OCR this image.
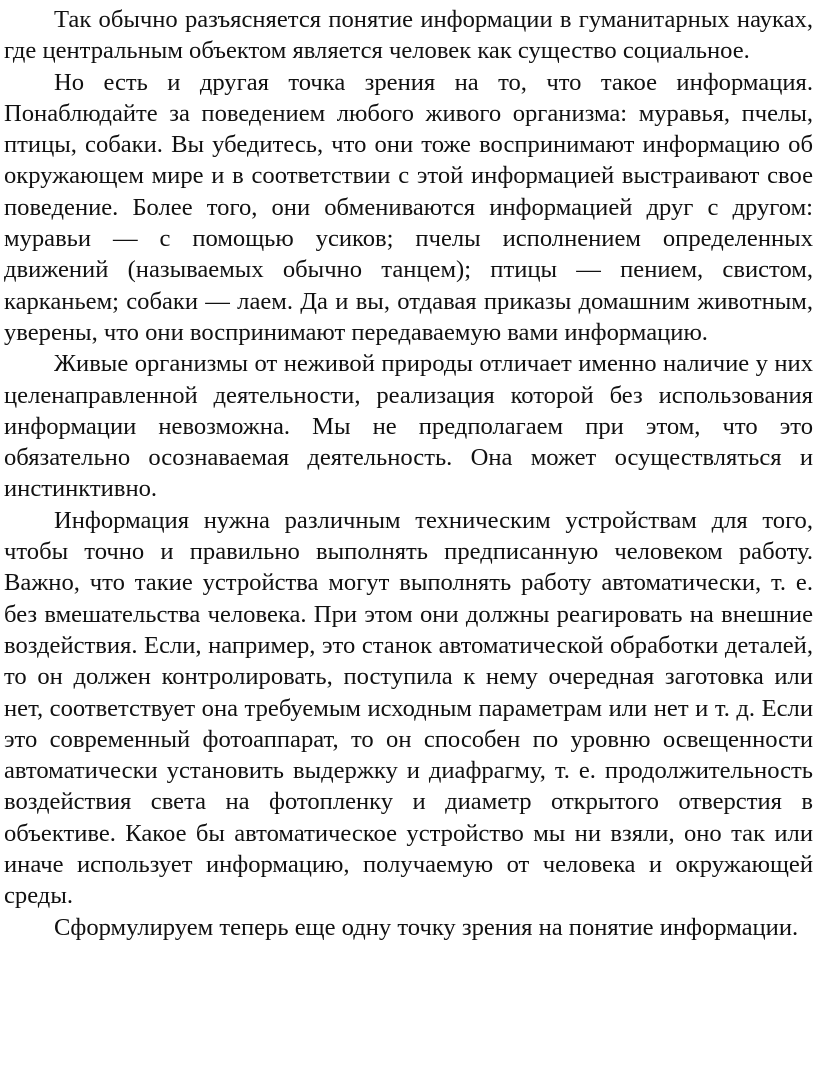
Так обычно разъясняется понятие информации в гуманитарных науках, где центральным объектом является человек как существо социальное.

Но есть и другая точка зрения на то, что такое информация. Понаблюдайте за поведением любого живого организма: муравья, пчелы, птицы, собаки. Вы убедитесь, что они тоже воспринимают информацию об окружающем мире и в соответствии с этой информацией выстраивают свое поведение. Более того, они обмениваются информацией друг с другом: муравьи — с помощью усиков; пчелы исполнением определенных движений (называемых обычно танцем); птицы — пением, свистом, карканьем; собаки — лаем. Да и вы, отдавая приказы домашним животным, уверены, что они воспринимают передаваемую вами информацию.

Живые организмы от неживой природы отличает именно наличие у них целенаправленной деятельности, реализация которой без использования информации невозможна. Мы не предполагаем при этом, что это обязательно осознаваемая деятельность. Она может осуществляться и инстинктивно.

Информация нужна различным техническим устройствам для того, чтобы точно и правильно выполнять предписанную человеком работу. Важно, что такие устройства могут выполнять работу автоматически, т. е. без вмешательства человека. При этом они должны реагировать на внешние воздействия. Если, например, это станок автоматической обработки деталей, то он должен контролировать, поступила к нему очередная заготовка или нет, соответствует она требуемым исходным параметрам или нет и т. д. Если это современный фотоаппарат, то он способен по уровню освещенности автоматически установить выдержку и диафрагму, т. е. продолжительность воздействия света на фотопленку и диаметр открытого отверстия в объективе. Какое бы автоматическое устройство мы ни взяли, оно так или иначе использует информацию, получаемую от человека и окружающей среды.

Сформулируем теперь еще одну точку зрения на понятие информации.
